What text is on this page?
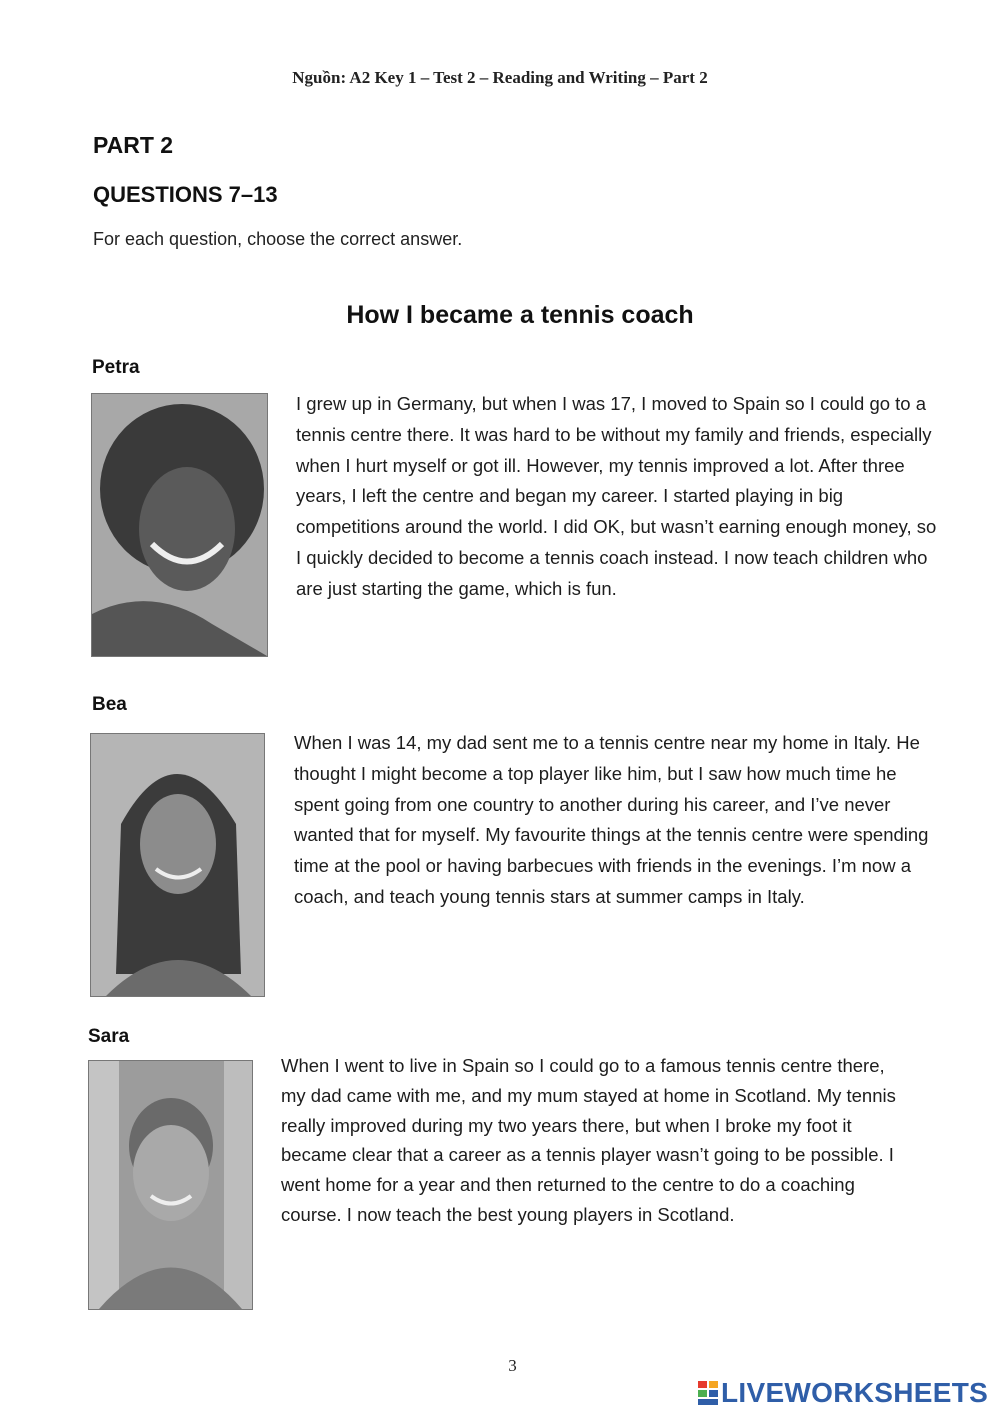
Nguồn: A2 Key 1 – Test 2 – Reading and Writing – Part 2
PART 2
QUESTIONS 7–13
For each question, choose the correct answer.
How I became a tennis coach
Petra
I grew up in Germany, but when I was 17, I moved to Spain so I could go to a tennis centre there. It was hard to be without my family and friends, especially when I hurt myself or got ill. However, my tennis improved a lot. After three years, I left the centre and began my career. I started playing in big competitions around the world. I did OK, but wasn’t earning enough money, so I quickly decided to become a tennis coach instead. I now teach children who are just starting the game, which is fun.
Bea
When I was 14, my dad sent me to a tennis centre near my home in Italy. He thought I might become a top player like him, but I saw how much time he spent going from one country to another during his career, and I’ve never wanted that for myself. My favourite things at the tennis centre were spending time at the pool or having barbecues with friends in the evenings. I’m now a coach, and teach young tennis stars at summer camps in Italy.
Sara
When I went to live in Spain so I could go to a famous tennis centre there, my dad came with me, and my mum stayed at home in Scotland. My tennis really improved during my two years there, but when I broke my foot it became clear that a career as a tennis player wasn’t going to be possible. I went home for a year and then returned to the centre to do a coaching course. I now teach the best young players in Scotland.
3
LIVEWORKSHEETS
